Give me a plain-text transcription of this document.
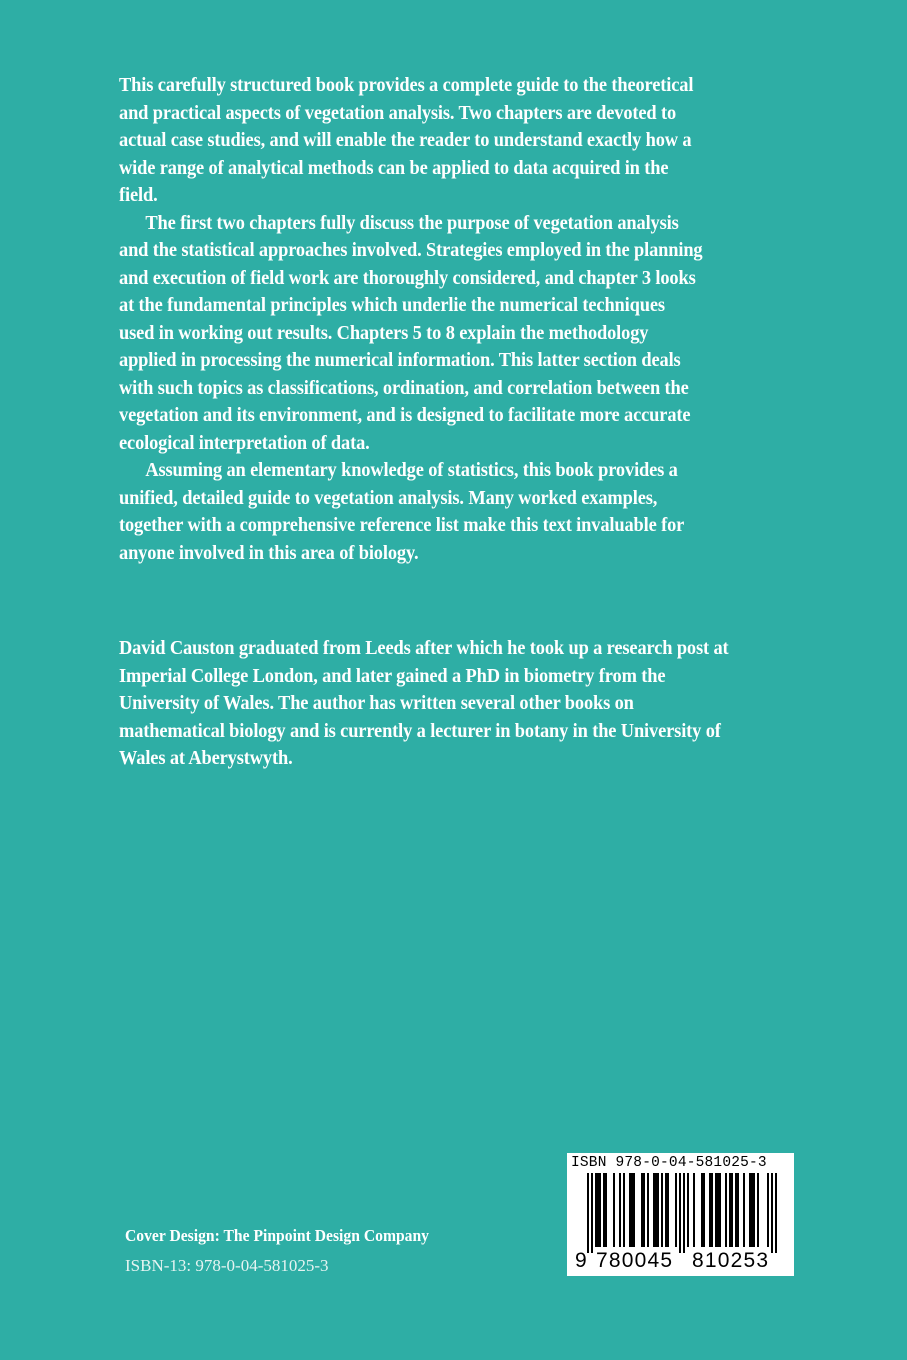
This carefully structured book provides a complete guide to the theoretical and practical aspects of vegetation analysis. Two chapters are devoted to actual case studies, and will enable the reader to understand exactly how a wide range of analytical methods can be applied to data acquired in the field.

The first two chapters fully discuss the purpose of vegetation analysis and the statistical approaches involved. Strategies employed in the planning and execution of field work are thoroughly considered, and chapter 3 looks at the fundamental principles which underlie the numerical techniques used in working out results. Chapters 5 to 8 explain the methodology applied in processing the numerical information. This latter section deals with such topics as classifications, ordination, and correlation between the vegetation and its environment, and is designed to facilitate more accurate ecological interpretation of data.

Assuming an elementary knowledge of statistics, this book provides a unified, detailed guide to vegetation analysis. Many worked examples, together with a comprehensive reference list make this text invaluable for anyone involved in this area of biology.

David Causton graduated from Leeds after which he took up a research post at Imperial College London, and later gained a PhD in biometry from the University of Wales. The author has written several other books on mathematical biology and is currently a lecturer in botany in the University of Wales at Aberystwyth.

Cover Design: The Pinpoint Design Company
ISBN-13: 978-0-04-581025-3
ISBN 978-0-04-581025-3
9 780045 810253
